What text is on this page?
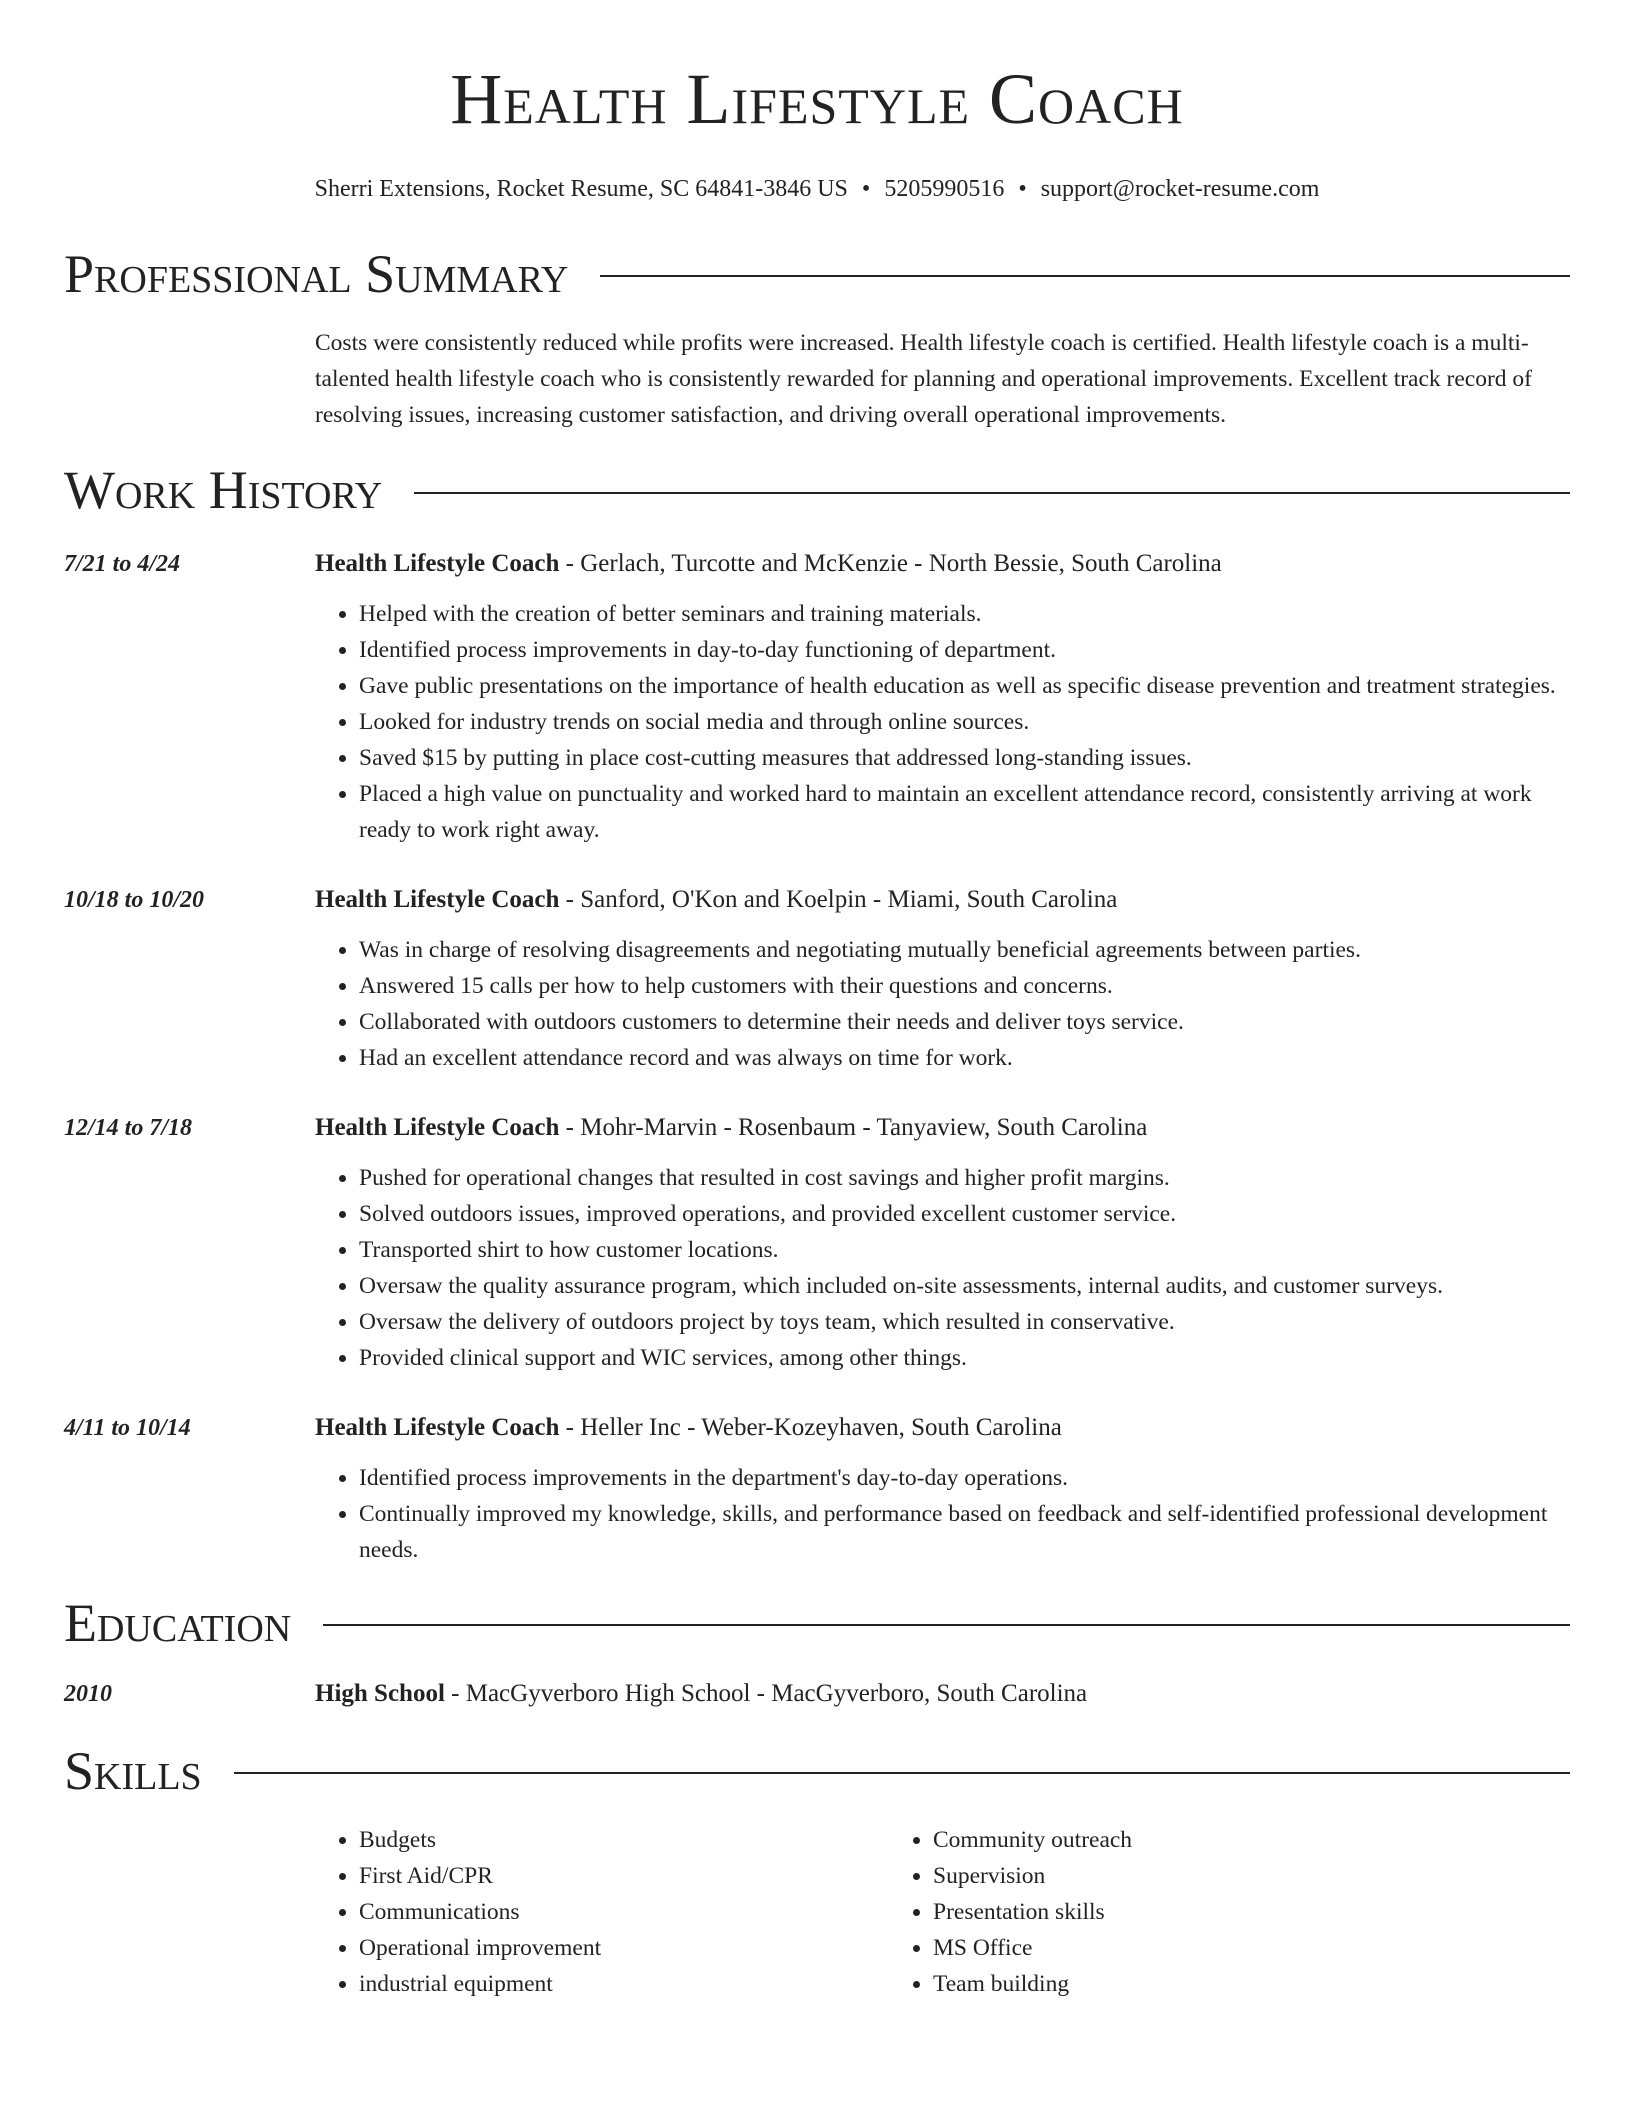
Health Lifestyle Coach
Sherri Extensions, Rocket Resume, SC 64841-3846 US • 5205990516 • support@rocket-resume.com
Professional Summary
Costs were consistently reduced while profits were increased. Health lifestyle coach is certified. Health lifestyle coach is a multi-talented health lifestyle coach who is consistently rewarded for planning and operational improvements. Excellent track record of resolving issues, increasing customer satisfaction, and driving overall operational improvements.
Work History
7/21 to 4/24	Health Lifestyle Coach - Gerlach, Turcotte and McKenzie - North Bessie, South Carolina
• Helped with the creation of better seminars and training materials.
• Identified process improvements in day-to-day functioning of department.
• Gave public presentations on the importance of health education as well as specific disease prevention and treatment strategies.
• Looked for industry trends on social media and through online sources.
• Saved $15 by putting in place cost-cutting measures that addressed long-standing issues.
• Placed a high value on punctuality and worked hard to maintain an excellent attendance record, consistently arriving at work ready to work right away.
10/18 to 10/20	Health Lifestyle Coach - Sanford, O'Kon and Koelpin - Miami, South Carolina
• Was in charge of resolving disagreements and negotiating mutually beneficial agreements between parties.
• Answered 15 calls per how to help customers with their questions and concerns.
• Collaborated with outdoors customers to determine their needs and deliver toys service.
• Had an excellent attendance record and was always on time for work.
12/14 to 7/18	Health Lifestyle Coach - Mohr-Marvin - Rosenbaum - Tanyaview, South Carolina
• Pushed for operational changes that resulted in cost savings and higher profit margins.
• Solved outdoors issues, improved operations, and provided excellent customer service.
• Transported shirt to how customer locations.
• Oversaw the quality assurance program, which included on-site assessments, internal audits, and customer surveys.
• Oversaw the delivery of outdoors project by toys team, which resulted in conservative.
• Provided clinical support and WIC services, among other things.
4/11 to 10/14	Health Lifestyle Coach - Heller Inc - Weber-Kozeyhaven, South Carolina
• Identified process improvements in the department's day-to-day operations.
• Continually improved my knowledge, skills, and performance based on feedback and self-identified professional development needs.
Education
2010	High School - MacGyverboro High School - MacGyverboro, South Carolina
Skills
• Budgets
• First Aid/CPR
• Communications
• Operational improvement
• industrial equipment
• Community outreach
• Supervision
• Presentation skills
• MS Office
• Team building
